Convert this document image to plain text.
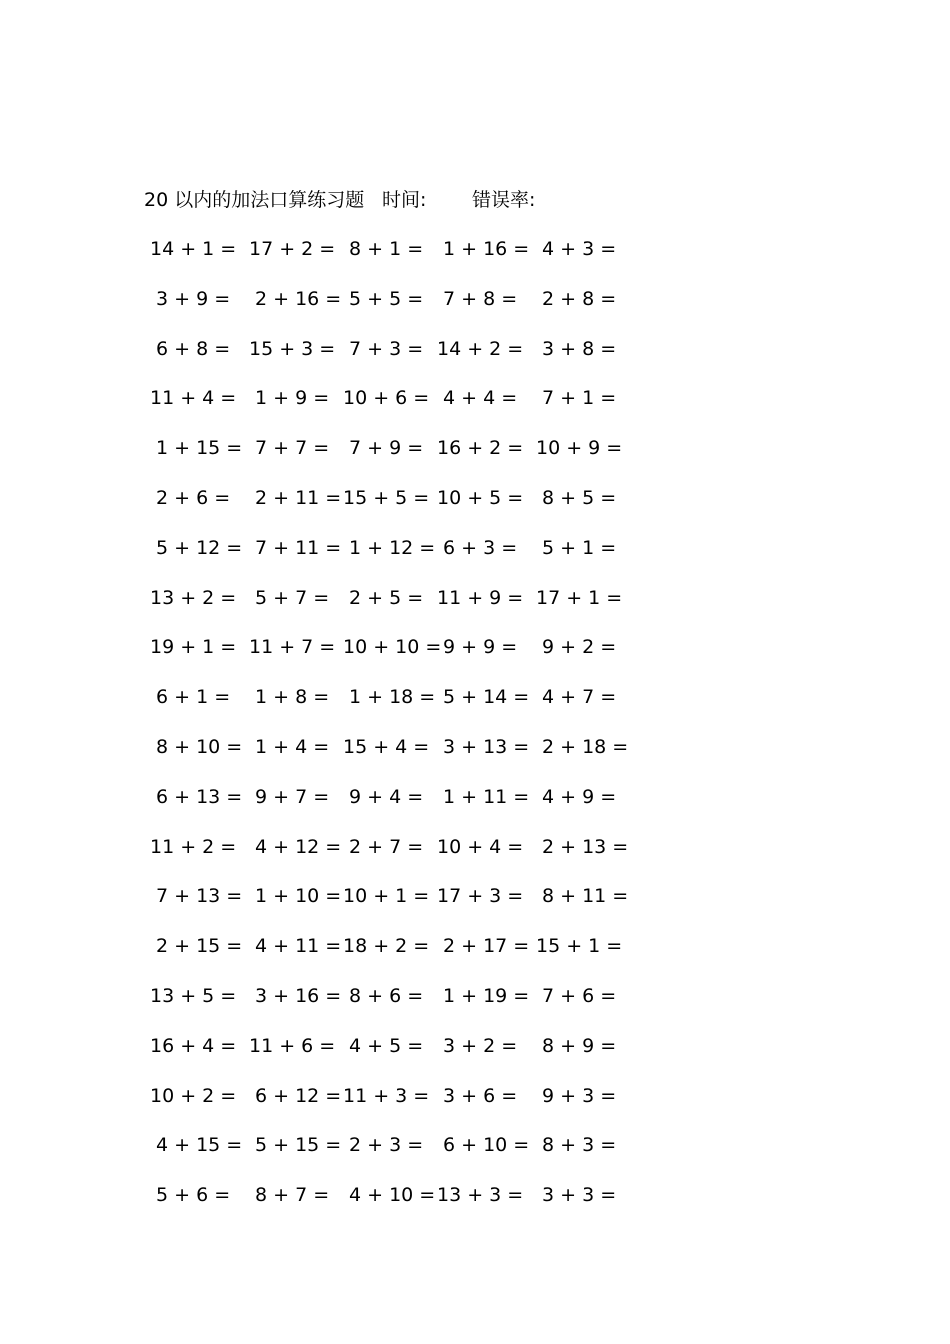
20 以内的加法口算练习题 时间: 错误率:
14 + 1 = 17 + 2 = 8 + 1 = 1 + 16 = 4 + 3 =
3 + 9 = 2 + 16 = 5 + 5 = 7 + 8 = 2 + 8 =
6 + 8 = 15 + 3 = 7 + 3 = 14 + 2 = 3 + 8 =
11 + 4 = 1 + 9 = 10 + 6 = 4 + 4 = 7 + 1 =
1 + 15 = 7 + 7 = 7 + 9 = 16 + 2 = 10 + 9 =
2 + 6 = 2 + 11 = 15 + 5 = 10 + 5 = 8 + 5 =
5 + 12 = 7 + 11 = 1 + 12 = 6 + 3 = 5 + 1 =
13 + 2 = 5 + 7 = 2 + 5 = 11 + 9 = 17 + 1 =
19 + 1 = 11 + 7 = 10 + 10 = 9 + 9 = 9 + 2 =
6 + 1 = 1 + 8 = 1 + 18 = 5 + 14 = 4 + 7 =
8 + 10 = 1 + 4 = 15 + 4 = 3 + 13 = 2 + 18 =
6 + 13 = 9 + 7 = 9 + 4 = 1 + 11 = 4 + 9 =
11 + 2 = 4 + 12 = 2 + 7 = 10 + 4 = 2 + 13 =
7 + 13 = 1 + 10 = 10 + 1 = 17 + 3 = 8 + 11 =
2 + 15 = 4 + 11 = 18 + 2 = 2 + 17 = 15 + 1 =
13 + 5 = 3 + 16 = 8 + 6 = 1 + 19 = 7 + 6 =
16 + 4 = 11 + 6 = 4 + 5 = 3 + 2 = 8 + 9 =
10 + 2 = 6 + 12 = 11 + 3 = 3 + 6 = 9 + 3 =
4 + 15 = 5 + 15 = 2 + 3 = 6 + 10 = 8 + 3 =
5 + 6 = 8 + 7 = 4 + 10 = 13 + 3 = 3 + 3 =
